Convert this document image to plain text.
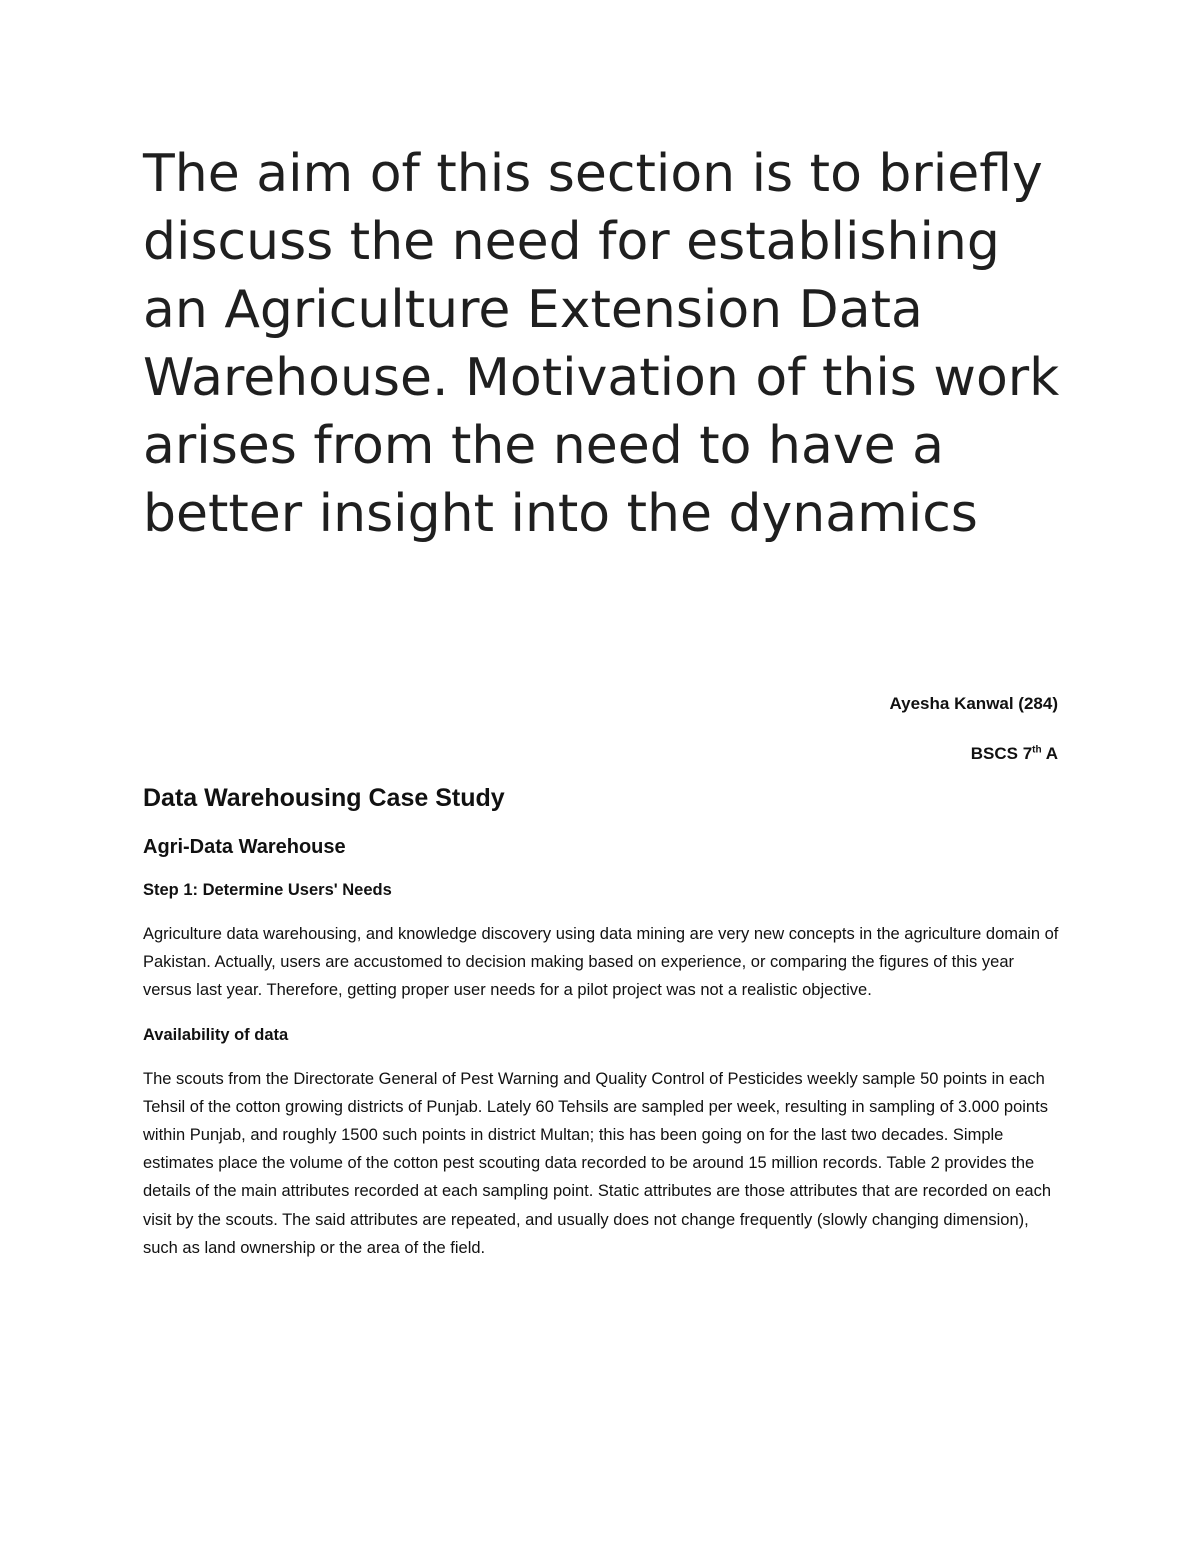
The aim of this section is to briefly discuss the need for establishing an Agriculture Extension Data Warehouse. Motivation of this work arises from the need to have a better insight into the dynamics

Ayesha Kanwal (284)

BSCS 7th A

Data Warehousing Case Study
Agri-Data Warehouse
Step 1: Determine Users' Needs

Agriculture data warehousing, and knowledge discovery using data mining are very new concepts in the agriculture domain of Pakistan. Actually, users are accustomed to decision making based on experience, or comparing the figures of this year versus last year. Therefore, getting proper user needs for a pilot project was not a realistic objective.

Availability of data

The scouts from the Directorate General of Pest Warning and Quality Control of Pesticides weekly sample 50 points in each Tehsil of the cotton growing districts of Punjab. Lately 60 Tehsils are sampled per week, resulting in sampling of 3.000 points within Punjab, and roughly 1500 such points in district Multan; this has been going on for the last two decades. Simple estimates place the volume of the cotton pest scouting data recorded to be around 15 million records. Table 2 provides the details of the main attributes recorded at each sampling point. Static attributes are those attributes that are recorded on each visit by the scouts. The said attributes are repeated, and usually does not change frequently (slowly changing dimension), such as land ownership or the area of the field.
